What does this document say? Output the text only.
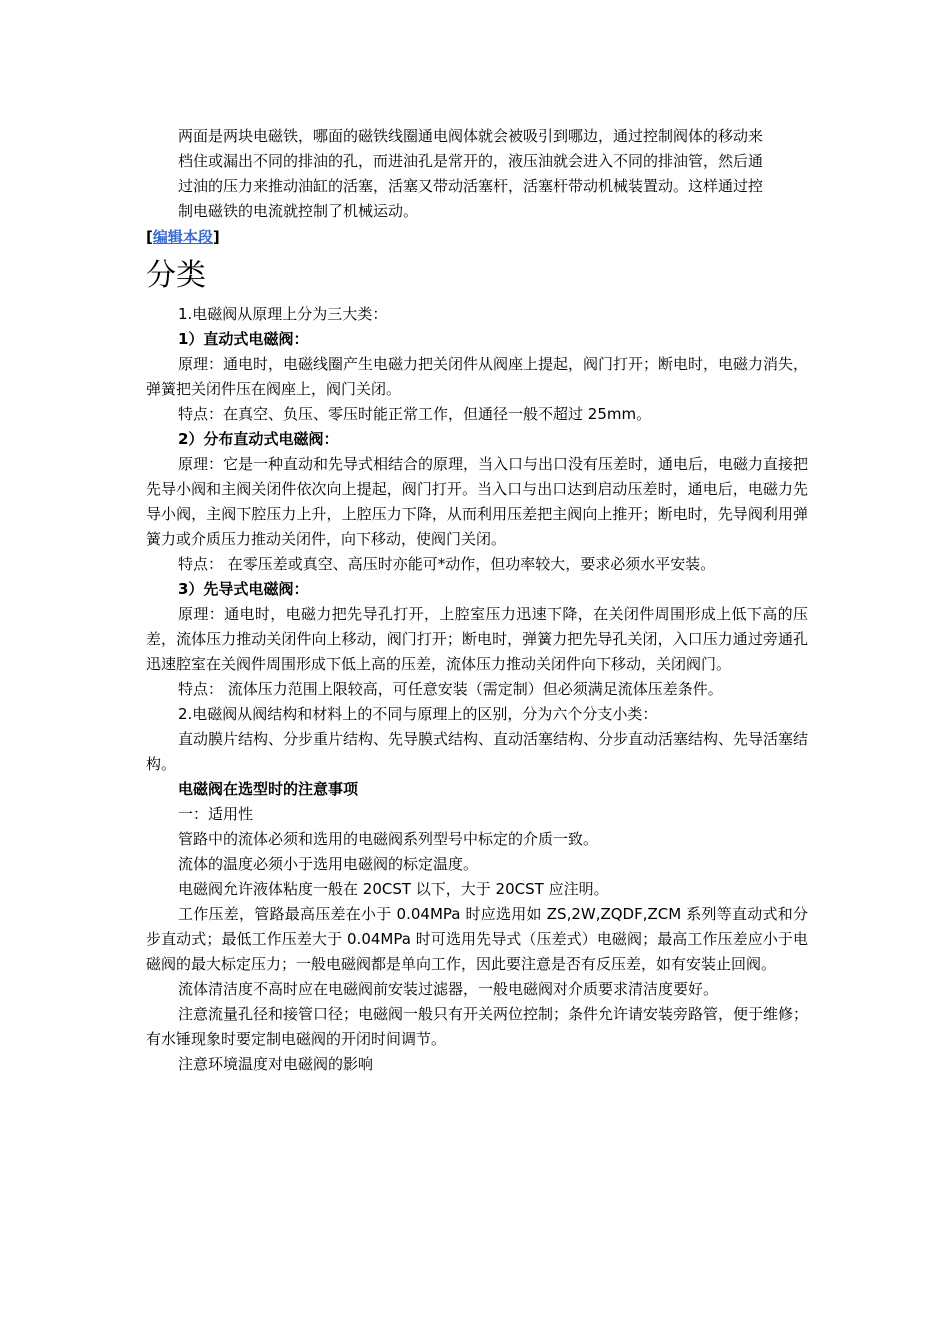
两面是两块电磁铁，哪面的磁铁线圈通电阀体就会被吸引到哪边，通过控制阀体的移动来

档住或漏出不同的排油的孔，而进油孔是常开的，液压油就会进入不同的排油管，然后通

过油的压力来推动油缸的活塞，活塞又带动活塞杆，活塞杆带动机械装置动。这样通过控

制电磁铁的电流就控制了机械运动。

[编辑本段]
分类

1.电磁阀从原理上分为三大类：

1）直动式电磁阀：

原理：通电时，电磁线圈产生电磁力把关闭件从阀座上提起，阀门打开；断电时，电磁力消失，弹簧把关闭件压在阀座上，阀门关闭。

特点：在真空、负压、零压时能正常工作，但通径一般不超过 25mm。

2）分布直动式电磁阀：

原理：它是一种直动和先导式相结合的原理，当入口与出口没有压差时，通电后，电磁力直接把先导小阀和主阀关闭件依次向上提起，阀门打开。当入口与出口达到启动压差时，通电后，电磁力先导小阀，主阀下腔压力上升，上腔压力下降，从而利用压差把主阀向上推开；断电时，先导阀利用弹簧力或介质压力推动关闭件，向下移动，使阀门关闭。

特点： 在零压差或真空、高压时亦能可*动作，但功率较大，要求必须水平安装。

3）先导式电磁阀：

原理：通电时，电磁力把先导孔打开，上腔室压力迅速下降，在关闭件周围形成上低下高的压差，流体压力推动关闭件向上移动，阀门打开；断电时，弹簧力把先导孔关闭，入口压力通过旁通孔迅速腔室在关阀件周围形成下低上高的压差，流体压力推动关闭件向下移动，关闭阀门。

特点： 流体压力范围上限较高，可任意安装（需定制）但必须满足流体压差条件。

2.电磁阀从阀结构和材料上的不同与原理上的区别，分为六个分支小类：

直动膜片结构、分步重片结构、先导膜式结构、直动活塞结构、分步直动活塞结构、先导活塞结构。

电磁阀在选型时的注意事项

一：适用性

管路中的流体必须和选用的电磁阀系列型号中标定的介质一致。

流体的温度必须小于选用电磁阀的标定温度。

电磁阀允许液体粘度一般在 20CST 以下，大于 20CST 应注明。

工作压差，管路最高压差在小于 0.04MPa 时应选用如 ZS,2W,ZQDF,ZCM 系列等直动式和分步直动式；最低工作压差大于 0.04MPa 时可选用先导式（压差式）电磁阀；最高工作压差应小于电磁阀的最大标定压力；一般电磁阀都是单向工作，因此要注意是否有反压差，如有安装止回阀。

流体清洁度不高时应在电磁阀前安装过滤器，一般电磁阀对介质要求清洁度要好。

注意流量孔径和接管口径；电磁阀一般只有开关两位控制；条件允许请安装旁路管，便于维修；有水锤现象时要定制电磁阀的开闭时间调节。

注意环境温度对电磁阀的影响
